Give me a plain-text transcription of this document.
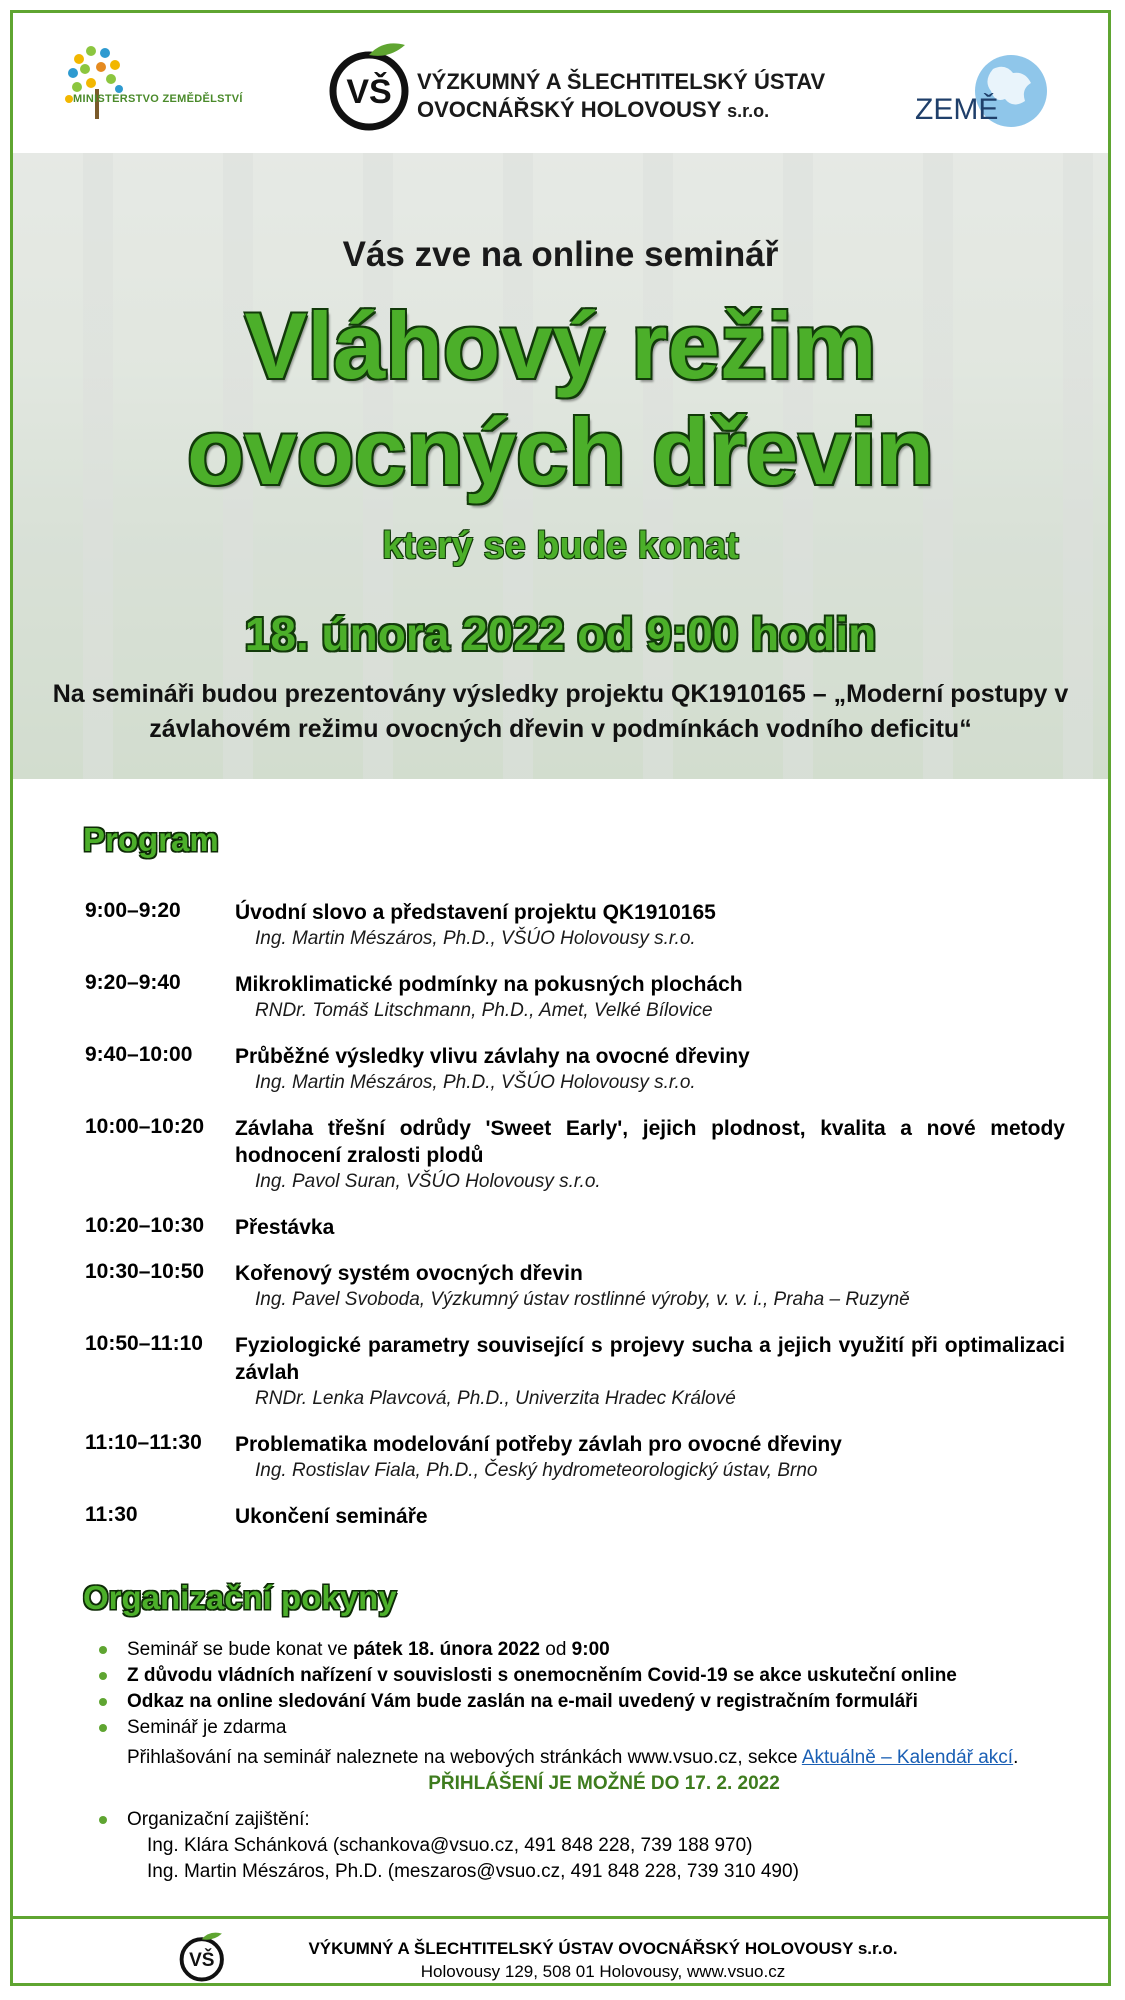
MINISTERSTVO ZEMĚDĚLSTVÍ	VŠ VÝZKUMNÝ A ŠLECHTITELSKÝ ÚSTAV
OVOCNÁŘSKÝ HOLOVOUSY s.r.o.	ZEMĚ
Vás zve na online seminář
Vláhový režim
ovocných dřevin
který se bude konat
18. února 2022 od 9:00 hodin
Na semináři budou prezentovány výsledky projektu QK1910165 – „Moderní postupy v závlahovém režimu ovocných dřevin v podmínkách vodního deficitu“
Program
9:00–9:20	Úvodní slovo a představení projektu QK1910165
Ing. Martin Mészáros, Ph.D., VŠÚO Holovousy s.r.o.
9:20–9:40	Mikroklimatické podmínky na pokusných plochách
RNDr. Tomáš Litschmann, Ph.D., Amet, Velké Bílovice
9:40–10:00	Průběžné výsledky vlivu závlahy na ovocné dřeviny
Ing. Martin Mészáros, Ph.D., VŠÚO Holovousy s.r.o.
10:00–10:20	Závlaha třešní odrůdy 'Sweet Early', jejich plodnost, kvalita a nové metody hodnocení zralosti plodů
Ing. Pavol Suran, VŠÚO Holovousy s.r.o.
10:20–10:30	Přestávka
10:30–10:50	Kořenový systém ovocných dřevin
Ing. Pavel Svoboda, Výzkumný ústav rostlinné výroby, v. v. i., Praha – Ruzyně
10:50–11:10	Fyziologické parametry související s projevy sucha a jejich využití při optimalizaci závlah
RNDr. Lenka Plavcová, Ph.D., Univerzita Hradec Králové
11:10–11:30	Problematika modelování potřeby závlah pro ovocné dřeviny
Ing. Rostislav Fiala, Ph.D., Český hydrometeorologický ústav, Brno
11:30	Ukončení semináře
Organizační pokyny
Seminář se bude konat ve pátek 18. února 2022 od 9:00
Z důvodu vládních nařízení v souvislosti s onemocněním Covid-19 se akce uskuteční online
Odkaz na online sledování Vám bude zaslán na e-mail uvedený v registračním formuláři
Seminář je zdarma
Přihlašování na seminář naleznete na webových stránkách www.vsuo.cz, sekce Aktuálně – Kalendář akcí.
PŘIHLÁŠENÍ JE MOŽNÉ DO 17. 2. 2022
Organizační zajištění:
Ing. Klára Schánková (schankova@vsuo.cz, 491 848 228, 739 188 970)
Ing. Martin Mészáros, Ph.D. (meszaros@vsuo.cz, 491 848 228, 739 310 490)
VŠ
VÝKUMNÝ A ŠLECHTITELSKÝ ÚSTAV OVOCNÁŘSKÝ HOLOVOUSY s.r.o.
Holovousy 129, 508 01 Holovousy, www.vsuo.cz
